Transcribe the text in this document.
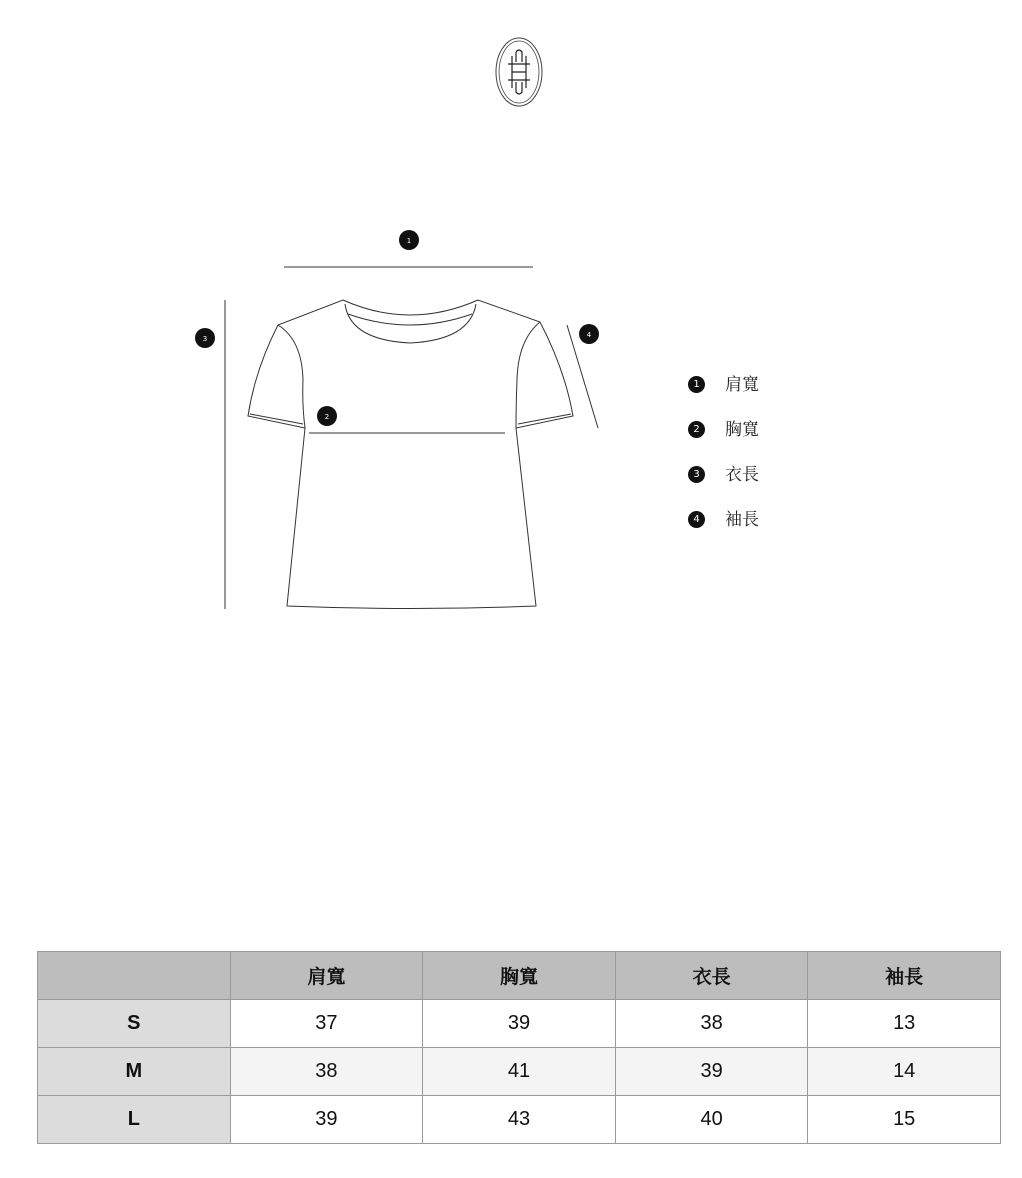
1
2
3	4
1	肩寬
2	胸寬
3	衣長
4	袖長
	肩寬	胸寬	衣長	袖長
S	37	39	38	13
M	38	41	39	14
L	39	43	40	15
